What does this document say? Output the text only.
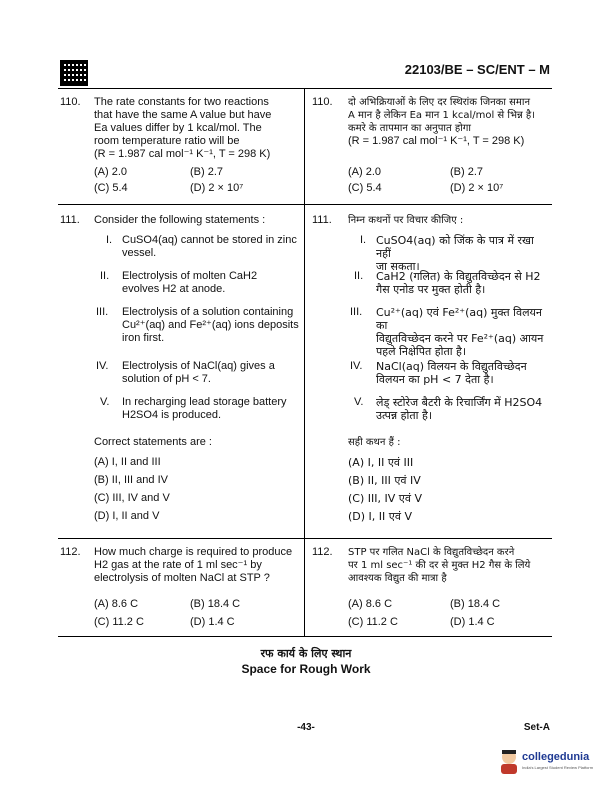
22103/BE – SC/ENT – M
110. The rate constants for two reactions
that have the same A value but have
Ea values differ by 1 kcal/mol. The
room temperature ratio will be
(R = 1.987 cal mol⁻¹ K⁻¹, T = 298 K)
(A) 2.0	(B) 2.7
(C) 5.4	(D) 2 × 10⁷
110. दो अभिक्रियाओं के लिए दर स्थिरांक जिनका समान
A मान है लेकिन Ea मान 1 kcal/mol से भिन्न है।
कमरे के तापमान का अनुपात होगा
(R = 1.987 cal mol⁻¹ K⁻¹, T = 298 K)
(A) 2.0	(B) 2.7
(C) 5.4	(D) 2 × 10⁷
111. Consider the following statements :
I. CuSO4(aq) cannot be stored in zinc
vessel.
II. Electrolysis of molten CaH2
evolves H2 at anode.
III. Electrolysis of a solution containing
Cu²⁺(aq) and Fe²⁺(aq) ions deposits
iron first.
IV. Electrolysis of NaCl(aq) gives a
solution of pH < 7.
V. In recharging lead storage battery
H2SO4 is produced.
Correct statements are :
(A) I, II and III
(B) II, III and IV
(C) III, IV and V
(D) I, II and V
111. निम्न कथनों पर विचार कीजिए :
I. CuSO4(aq) को जिंक के पात्र में रखा नहीं
जा सकता।
II. CaH2 (गलित) के विद्युतविच्छेदन से H2
गैस एनोड पर मुक्त होती है।
III. Cu²⁺(aq) एवं Fe²⁺(aq) मुक्त विलयन का
विद्युतविच्छेदन करने पर Fe²⁺(aq) आयन
पहले निक्षेपित होता है।
IV. NaCl(aq) विलयन के विद्युतविच्छेदन
विलयन का pH < 7 देता है।
V. लेड् स्टोरेज बैटरी के रिचार्जिंग में H2SO4
उत्पन्न होता है।
सही कथन हैं :
(A) I, II एवं III
(B) II, III एवं IV
(C) III, IV एवं V
(D) I, II एवं V
112. How much charge is required to produce
H2 gas at the rate of 1 ml sec⁻¹ by
electrolysis of molten NaCl at STP ?
(A) 8.6 C	(B) 18.4 C
(C) 11.2 C	(D) 1.4 C
112. STP पर गलित NaCl के विद्युतविच्छेदन करने
पर 1 ml sec⁻¹ की दर से मुक्त H2 गैस के लिये
आवश्यक विद्युत की मात्रा है
(A) 8.6 C	(B) 18.4 C
(C) 11.2 C	(D) 1.4 C
रफ कार्य के लिए स्थान
Space for Rough Work
-43-	Set-A
collegedunia
India's Largest Student Review Platform
